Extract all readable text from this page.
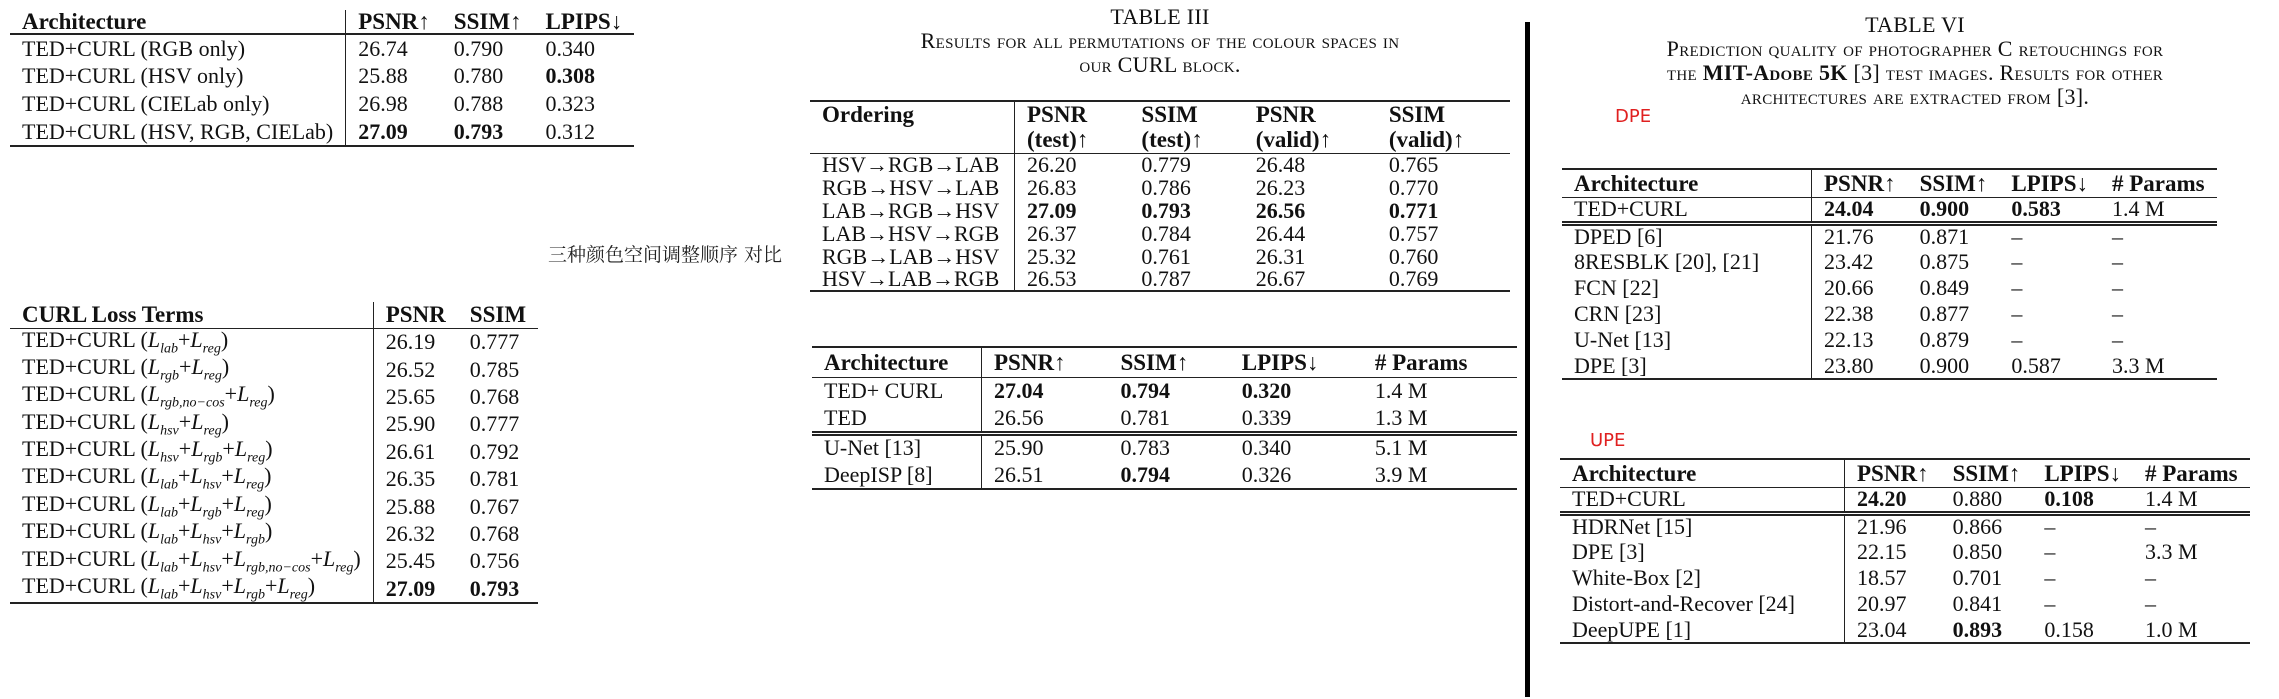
Architecture	PSNR↑	SSIM↑	LPIPS↓
TED+CURL (RGB only)	26.74	0.790	0.340
TED+CURL (HSV only)	25.88	0.780	0.308
TED+CURL (CIELab only)	26.98	0.788	0.323
TED+CURL (HSV, RGB, CIELab)	27.09	0.793	0.312
三种颜色空间调整顺序 对比
CURL Loss Terms	PSNR	SSIM
TED+CURL $(L_{lab}+L_{reg})$	26.19	0.777
TED+CURL $(L_{rgb}+L_{reg})$	26.52	0.785
TED+CURL $(L_{rgb,no-cos}+L_{reg})$	25.65	0.768
TED+CURL $(L_{hsv}+L_{reg})$	25.90	0.777
TED+CURL $(L_{hsv}+L_{rgb}+L_{reg})$	26.61	0.792
TED+CURL $(L_{lab}+L_{hsv}+L_{reg})$	26.35	0.781
TED+CURL $(L_{lab}+L_{rgb}+L_{reg})$	25.88	0.767
TED+CURL $(L_{lab}+L_{hsv}+L_{rgb})$	26.32	0.768
TED+CURL $(L_{lab}+L_{hsv}+L_{rgb,no-cos}+L_{reg})$	25.45	0.756
TED+CURL $(L_{lab}+L_{hsv}+L_{rgb}+L_{reg})$	27.09	0.793
TABLE III
Results for all permutations of the colour spaces in
our CURL block.
Ordering	PSNR	SSIM	PSNR	SSIM
	(test)↑	(test)↑	(valid)↑	(valid)↑
HSV→RGB→LAB	26.20	0.779	26.48	0.765
RGB→HSV→LAB	26.83	0.786	26.23	0.770
LAB→RGB→HSV	27.09	0.793	26.56	0.771
LAB→HSV→RGB	26.37	0.784	26.44	0.757
RGB→LAB→HSV	25.32	0.761	26.31	0.760
HSV→LAB→RGB	26.53	0.787	26.67	0.769
Architecture	PSNR↑	SSIM↑	LPIPS↓	# Params
TED+ CURL	27.04	0.794	0.320	1.4 M
TED	26.56	0.781	0.339	1.3 M
U-Net [13]	25.90	0.783	0.340	5.1 M
DeepISP [8]	26.51	0.794	0.326	3.9 M
TABLE VI
Prediction quality of photographer C retouchings for
the MIT-Adobe 5K [3] test images. Results for other
architectures are extracted from [3].
DPE
Architecture	PSNR↑	SSIM↑	LPIPS↓	# Params
TED+CURL	24.04	0.900	0.583	1.4 M
DPED [6]	21.76	0.871	–	–
8RESBLK [20], [21]	23.42	0.875	–	–
FCN [22]	20.66	0.849	–	–
CRN [23]	22.38	0.877	–	–
U-Net [13]	22.13	0.879	–	–
DPE [3]	23.80	0.900	0.587	3.3 M
UPE
Architecture	PSNR↑	SSIM↑	LPIPS↓	# Params
TED+CURL	24.20	0.880	0.108	1.4 M
HDRNet [15]	21.96	0.866	–	–
DPE [3]	22.15	0.850	–	3.3 M
White-Box [2]	18.57	0.701	–	–
Distort-and-Recover [24]	20.97	0.841	–	–
DeepUPE [1]	23.04	0.893	0.158	1.0 M
